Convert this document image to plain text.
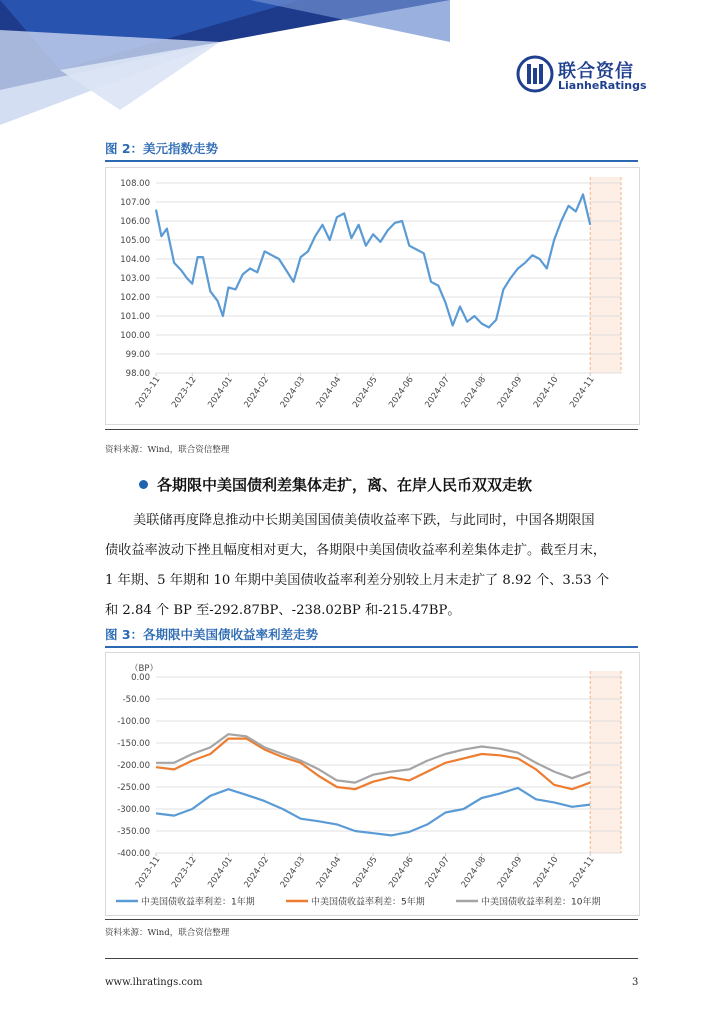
联合资信
LianheRatings
图 2：美元指数走势
108.00
107.00
106.00
105.00
104.00
103.00
102.00
101.00
100.00
99.00
98.00
2023-11 2023-12 2024-01 2024-02 2024-03 2024-04 2024-05 2024-06 2024-07 2024-08 2024-09 2024-10 2024-11
资料来源：Wind，联合资信整理
各期限中美国债利差集体走扩，离、在岸人民币双双走软
美联储再度降息推动中长期美国国债美债收益率下跌，与此同时，中国各期限国
债收益率波动下挫且幅度相对更大，各期限中美国债收益率利差集体走扩。截至月末，
1 年期、5 年期和 10 年期中美国债收益率利差分别较上月末走扩了 8.92 个、3.53 个
和 2.84 个 BP 至-292.87BP、-238.02BP 和-215.47BP。
图 3：各期限中美国债收益率利差走势
0.00
-50.00
-100.00
-150.00
-200.00
-250.00
-300.00
-350.00
-400.00
2023-11 2023-12 2024-01 2024-02 2024-03 2024-04 2024-05 2024-06 2024-07 2024-08 2024-09 2024-10 2024-11
（BP）
中美国债收益率利差：1年期	中美国债收益率利差：5年期	中美国债收益率利差：10年期
资料来源：Wind，联合资信整理
www.lhratings.com	3
